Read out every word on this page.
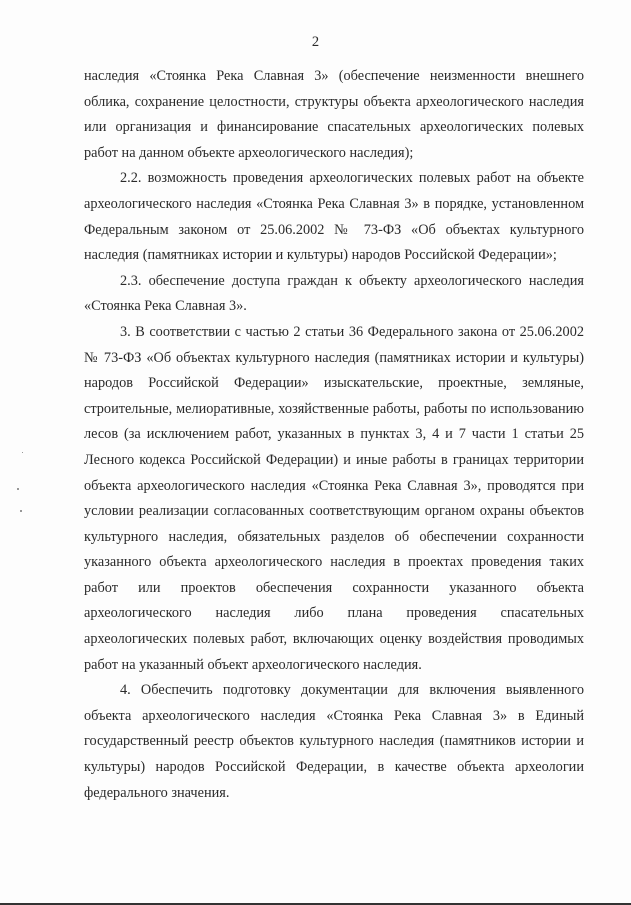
2

наследия «Стоянка Река Славная 3» (обеспечение неизменности внешнего облика, сохранение целостности, структуры объекта археологического наследия или организация и финансирование спасательных археологических полевых работ на данном объекте археологического наследия);

2.2. возможность проведения археологических полевых работ на объекте археологического наследия «Стоянка Река Славная 3» в порядке, установленном Федеральным законом от 25.06.2002 № 73-ФЗ «Об объектах культурного наследия (памятниках истории и культуры) народов Российской Федерации»;

2.3. обеспечение доступа граждан к объекту археологического наследия «Стоянка Река Славная 3».

3. В соответствии с частью 2 статьи 36 Федерального закона от 25.06.2002 № 73-ФЗ «Об объектах культурного наследия (памятниках истории и культуры) народов Российской Федерации» изыскательские, проектные, земляные, строительные, мелиоративные, хозяйственные работы, работы по использованию лесов (за исключением работ, указанных в пунктах 3, 4 и 7 части 1 статьи 25 Лесного кодекса Российской Федерации) и иные работы в границах территории объекта археологического наследия «Стоянка Река Славная 3», проводятся при условии реализации согласованных соответствующим органом охраны объектов культурного наследия, обязательных разделов об обеспечении сохранности указанного объекта археологического наследия в проектах проведения таких работ или проектов обеспечения сохранности указанного объекта археологического наследия либо плана проведения спасательных археологических полевых работ, включающих оценку воздействия проводимых работ на указанный объект археологического наследия.

4. Обеспечить подготовку документации для включения выявленного объекта археологического наследия «Стоянка Река Славная 3» в Единый государственный реестр объектов культурного наследия (памятников истории и культуры) народов Российской Федерации, в качестве объекта археологии федерального значения.
